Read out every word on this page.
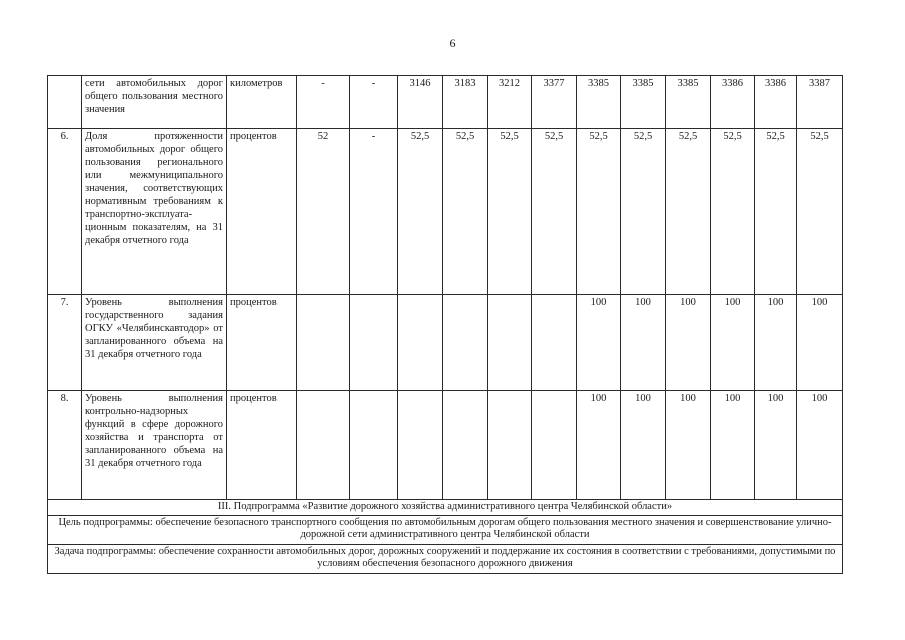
6
	сети автомобильных дорог общего пользования местного значения	километров	-	-	3146	3183	3212	3377	3385	3385	3385	3386	3386	3387
6.	Доля протяженности автомобильных дорог общего пользования регионального или межмуниципального значения, соответствующих нормативным требованиям к транспортно-эксплуата-ционным показателям, на 31 декабря отчетного года	процентов	52	-	52,5	52,5	52,5	52,5	52,5	52,5	52,5	52,5	52,5	52,5
7.	Уровень выполнения государственного задания ОГКУ «Челябинскавтодор» от запланированного объема на 31 декабря отчетного года	процентов							100	100	100	100	100	100
8.	Уровень выполнения контрольно-надзорных функций в сфере дорожного хозяйства и транспорта от запланированного объема на 31 декабря отчетного года	процентов							100	100	100	100	100	100
III. Подпрограмма «Развитие дорожного хозяйства административного центра Челябинской области»														
Цель подпрограммы: обеспечение безопасного транспортного сообщения по автомобильным дорогам общего пользования местного значения и совершенствование улично-дорожной сети административного центра Челябинской области														
Задача подпрограммы: обеспечение сохранности автомобильных дорог, дорожных сооружений и поддержание их состояния в соответствии с требованиями, допустимыми по условиям обеспечения безопасного дорожного движения														
